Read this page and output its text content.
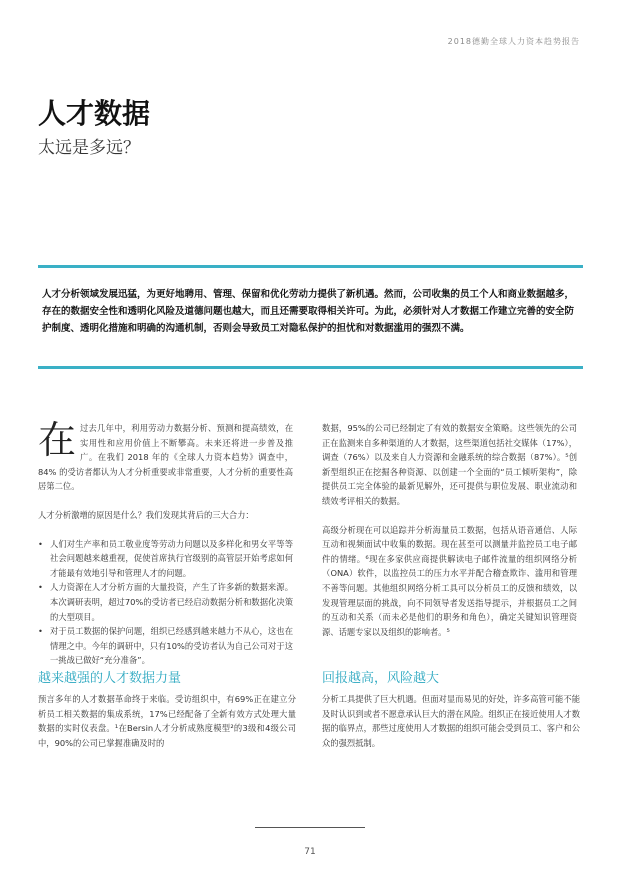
2018德勤全球人力资本趋势报告
人才数据
太远是多远？

人才分析领域发展迅猛，为更好地聘用、管理、保留和优化劳动力提供了新机遇。然而，公司收集的员工个人和商业数据越多，存在的数据安全性和透明化风险及道德问题也越大，而且还需要取得相关许可。为此，必须针对人才数据工作建立完善的安全防护制度、透明化措施和明确的沟通机制，否则会导致员工对隐私保护的担忧和对数据滥用的强烈不满。

在 过去几年中，利用劳动力数据分析、预测和提高绩效，在实用性和应用价值上不断攀高。未来还将进一步普及推广。在我们 2018 年的《全球人力资本趋势》调查中，84% 的受访者都认为人才分析重要或非常重要，人才分析的重要性高居第二位。

人才分析激增的原因是什么？我们发现其背后的三大合力：

• 人们对生产率和员工敬业度等劳动力问题以及多样化和男女平等等社会问题越来越重视，促使首席执行官级别的高管层开始考虑如何才能最有效地引导和管理人才的问题。
• 人力资源在人才分析方面的大量投资，产生了许多新的数据来源。本次调研表明，超过70%的受访者已经启动数据分析和数据化决策的大型项目。
• 对于员工数据的保护问题，组织已经感到越来越力不从心，这也在情理之中。今年的调研中，只有10%的受访者认为自己公司对于这一挑战已做好“充分准备”。

数据，95%的公司已经制定了有效的数据安全策略。这些领先的公司正在监测来自多种渠道的人才数据，这些渠道包括社交媒体（17%），调查（76%）以及来自人力资源和金融系统的综合数据（87%）。⁵创新型组织正在挖掘各种资源、以创建一个全面的“员工倾听架构”，除提供员工完全体验的最新见解外，还可提供与职位发展、职业流动和绩效考评相关的数据。

高级分析现在可以追踪并分析海量员工数据，包括从语音通信、人际互动和视频面试中收集的数据。现在甚至可以测量并监控员工电子邮件的情绪。⁶现在多家供应商提供解读电子邮件流量的组织网络分析（ONA）软件，以监控员工的压力水平并配合稽查欺诈、滥用和管理不善等问题。其他组织网络分析工具可以分析员工的反馈和绩效，以发现管理层面的挑战，向不同领导者发送指导提示，并根据员工之间的互动和关系（而未必是他们的职务和角色），确定关键知识管理资源、话题专家以及组织的影响者。⁵

越来越强的人才数据力量

预言多年的人才数据革命终于来临。受访组织中，有69%正在建立分析员工相关数据的集成系统，17%已经配备了全新有效方式处理大量数据的实时仪表盘。¹在Bersin人才分析成熟度模型²的3级和4级公司中，90%的公司已掌握准确及时的

回报越高，风险越大

分析工具提供了巨大机遇。但面对显而易见的好处，许多高管可能不能及时认识到或者不愿意承认巨大的潜在风险。组织正在接近使用人才数据的临界点，那些过度使用人才数据的组织可能会受到员工、客户和公众的强烈抵制。

71
